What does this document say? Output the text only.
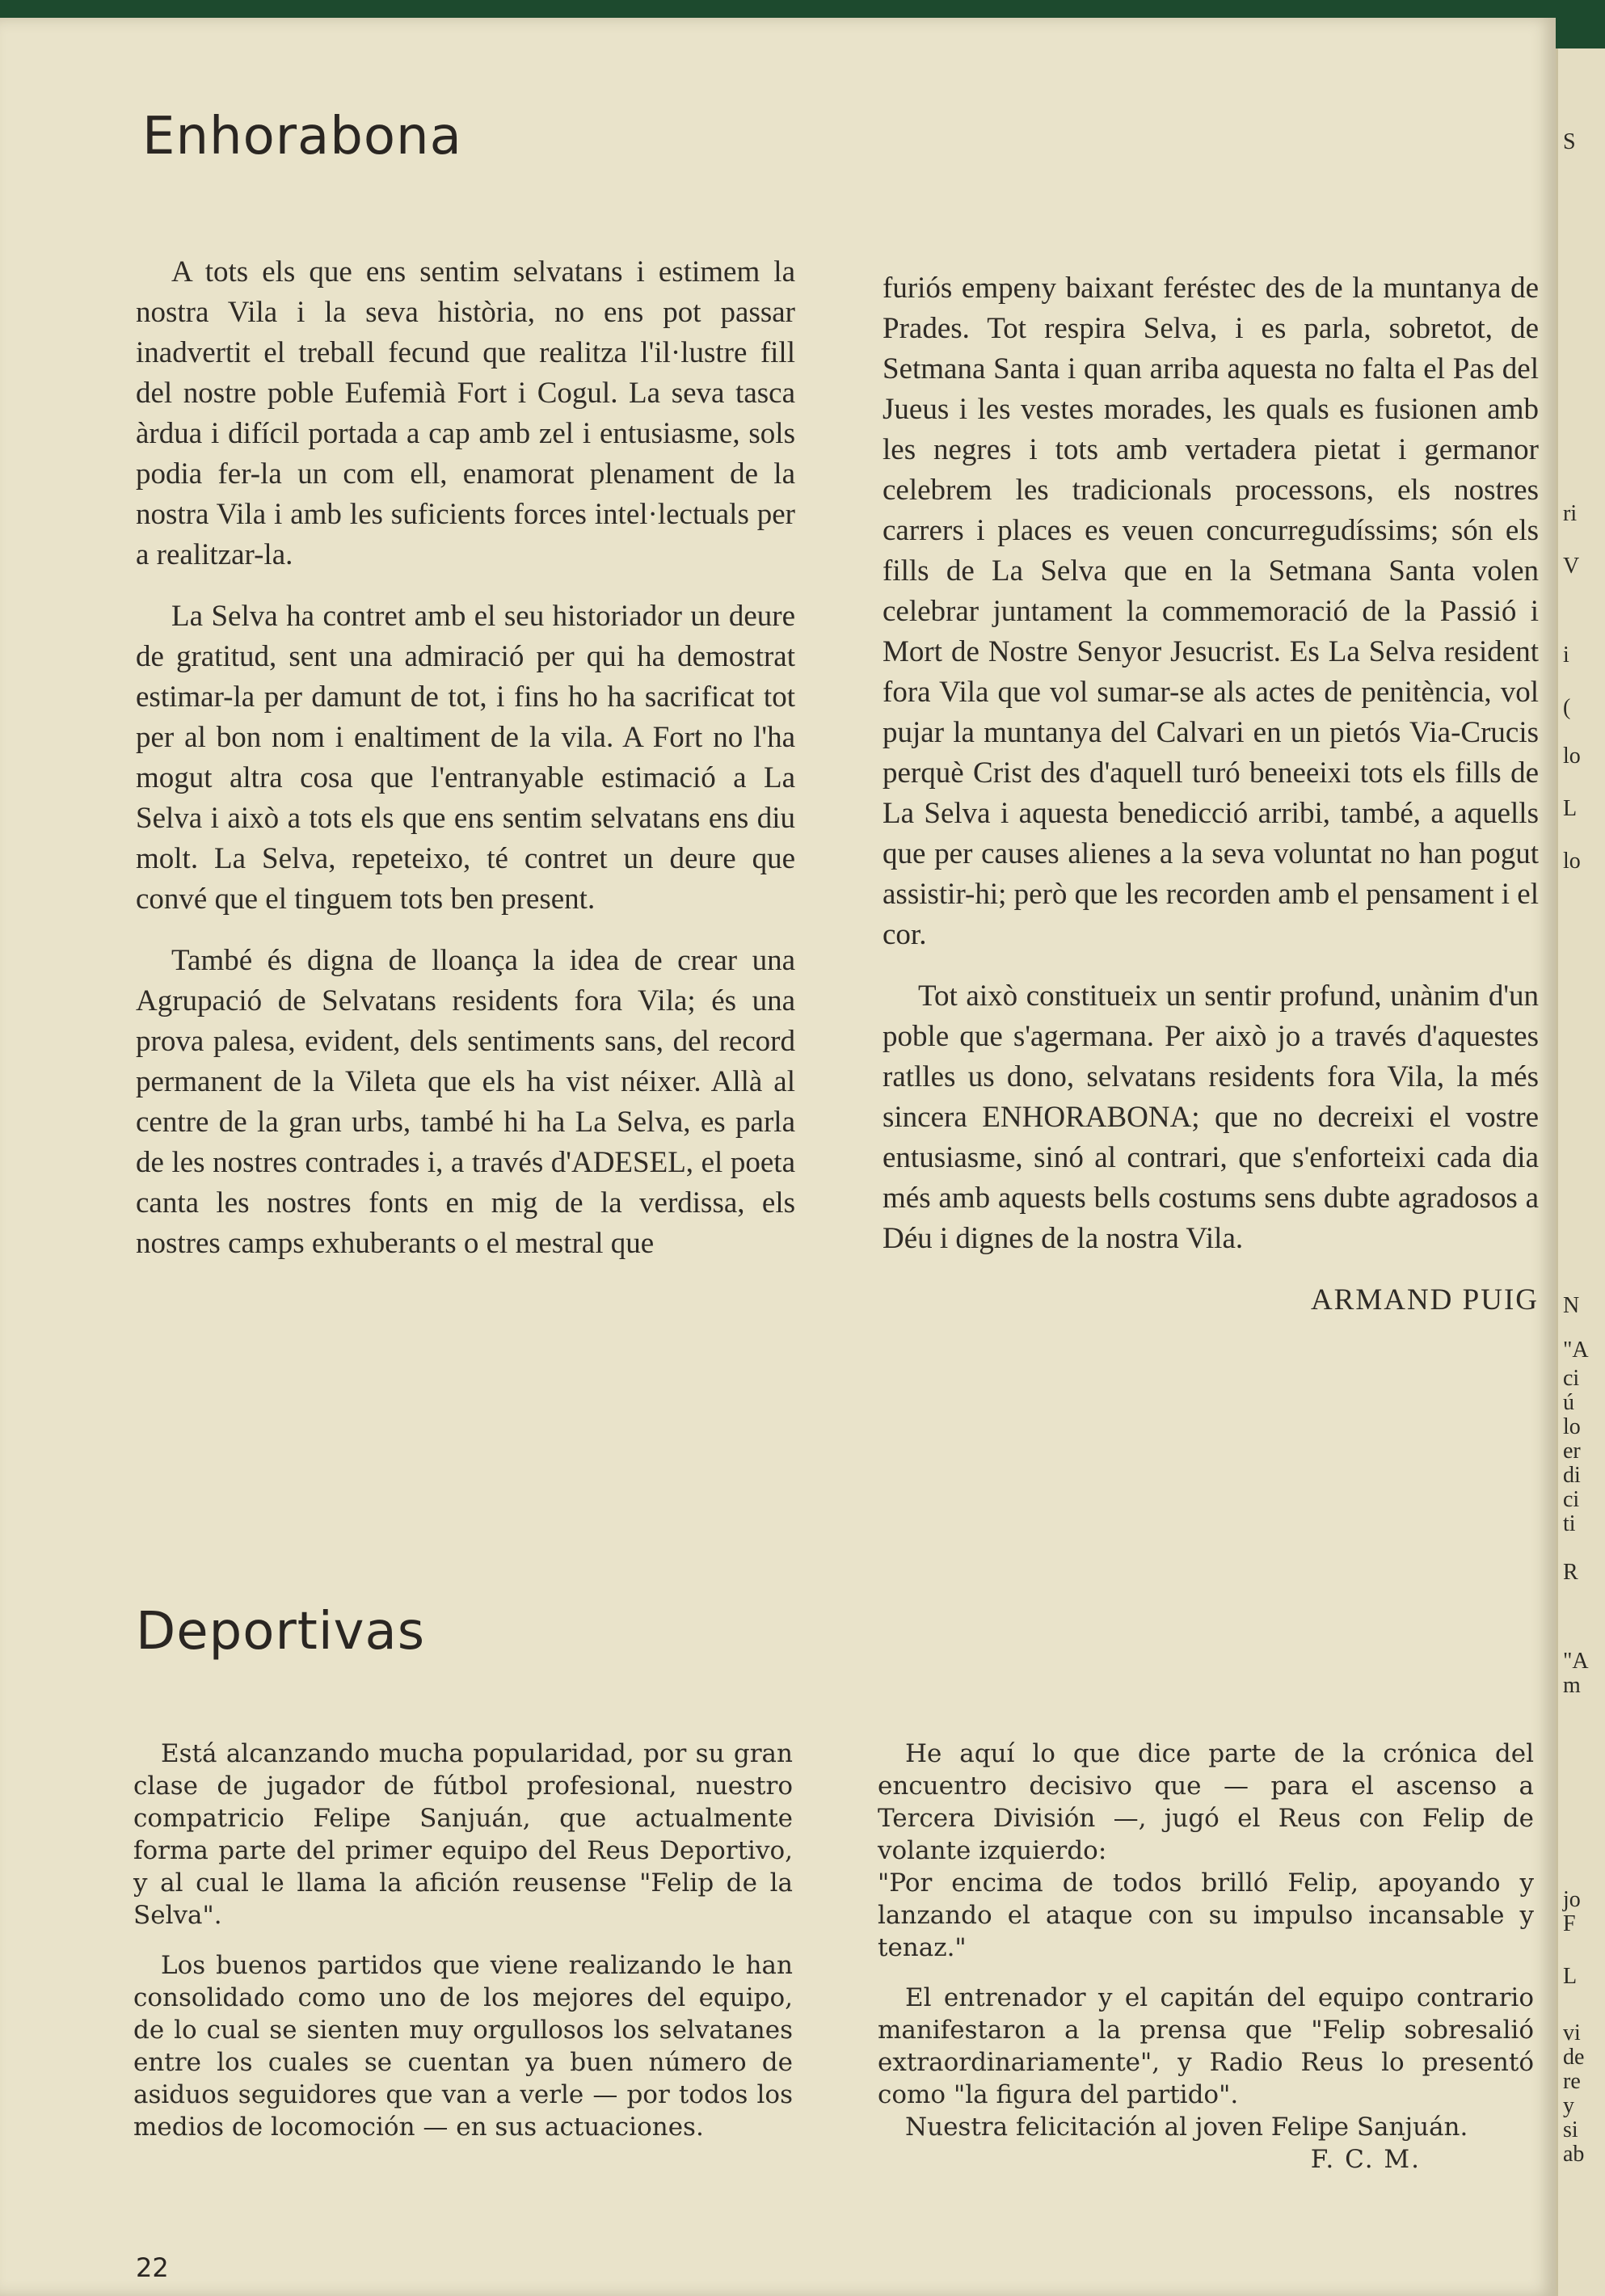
Enhorabona

A tots els que ens sentim selvatans i estimem la nostra Vila i la seva història, no ens pot passar inadvertit el treball fecund que realitza l'il·lustre fill del nostre poble Eufemià Fort i Cogul. La seva tasca àrdua i difícil portada a cap amb zel i entusiasme, sols podia fer-la un com ell, enamorat plenament de la nostra Vila i amb les suficients forces intel·lectuals per a realitzar-la.

La Selva ha contret amb el seu historiador un deure de gratitud, sent una admiració per qui ha demostrat estimar-la per damunt de tot, i fins ho ha sacrificat tot per al bon nom i enaltiment de la vila. A Fort no l'ha mogut altra cosa que l'entranyable estimació a La Selva i això a tots els que ens sentim selvatans ens diu molt. La Selva, repeteixo, té contret un deure que convé que el tinguem tots ben present.

També és digna de lloança la idea de crear una Agrupació de Selvatans residents fora Vila; és una prova palesa, evident, dels sentiments sans, del record permanent de la Vileta que els ha vist néixer. Allà al centre de la gran urbs, també hi ha La Selva, es parla de les nostres contrades i, a través d'ADESEL, el poeta canta les nostres fonts en mig de la verdissa, els nostres camps exhuberants o el mestral que

furiós empeny baixant feréstec des de la muntanya de Prades. Tot respira Selva, i es parla, sobretot, de Setmana Santa i quan arriba aquesta no falta el Pas del Jueus i les vestes morades, les quals es fusionen amb les negres i tots amb vertadera pietat i germanor celebrem les tradicionals processons, els nostres carrers i places es veuen concurregudíssims; són els fills de La Selva que en la Setmana Santa volen celebrar juntament la commemoració de la Passió i Mort de Nostre Senyor Jesucrist. Es La Selva resident fora Vila que vol sumar-se als actes de penitència, vol pujar la muntanya del Calvari en un pietós Via-Crucis perquè Crist des d'aquell turó beneeixi tots els fills de La Selva i aquesta benedicció arribi, també, a aquells que per causes alienes a la seva voluntat no han pogut assistir-hi; però que les recorden amb el pensament i el cor.

Tot això constitueix un sentir profund, unànim d'un poble que s'agermana. Per això jo a través d'aquestes ratlles us dono, selvatans residents fora Vila, la més sincera ENHORABONA; que no decreixi el vostre entusiasme, sinó al contrari, que s'enforteixi cada dia més amb aquests bells costums sens dubte agradosos a Déu i dignes de la nostra Vila.

ARMAND PUIG

Deportivas

Está alcanzando mucha popularidad, por su gran clase de jugador de fútbol profesional, nuestro compatricio Felipe Sanjuán, que actualmente forma parte del primer equipo del Reus Deportivo, y al cual le llama la afición reusense "Felip de la Selva".

Los buenos partidos que viene realizando le han consolidado como uno de los mejores del equipo, de lo cual se sienten muy orgullosos los selvatanes entre los cuales se cuentan ya buen número de asiduos seguidores que van a verle — por todos los medios de locomoción — en sus actuaciones.

He aquí lo que dice parte de la crónica del encuentro decisivo que — para el ascenso a Tercera División —, jugó el Reus con Felip de volante izquierdo:

"Por encima de todos brilló Felip, apoyando y lanzando el ataque con su impulso incansable y tenaz."

El entrenador y el capitán del equipo contrario manifestaron a la prensa que "Felip sobresalió extraordinariamente", y Radio Reus lo presentó como "la figura del partido".

Nuestra felicitación al joven Felipe Sanjuán.

F. C. M.

22
S
ri
V
i
(
lo
L
lo
N
"A
ci
ú
lo
er
di
ci
ti
R
"A
m
jo
F
L
vi
de
re
y
si
ab
